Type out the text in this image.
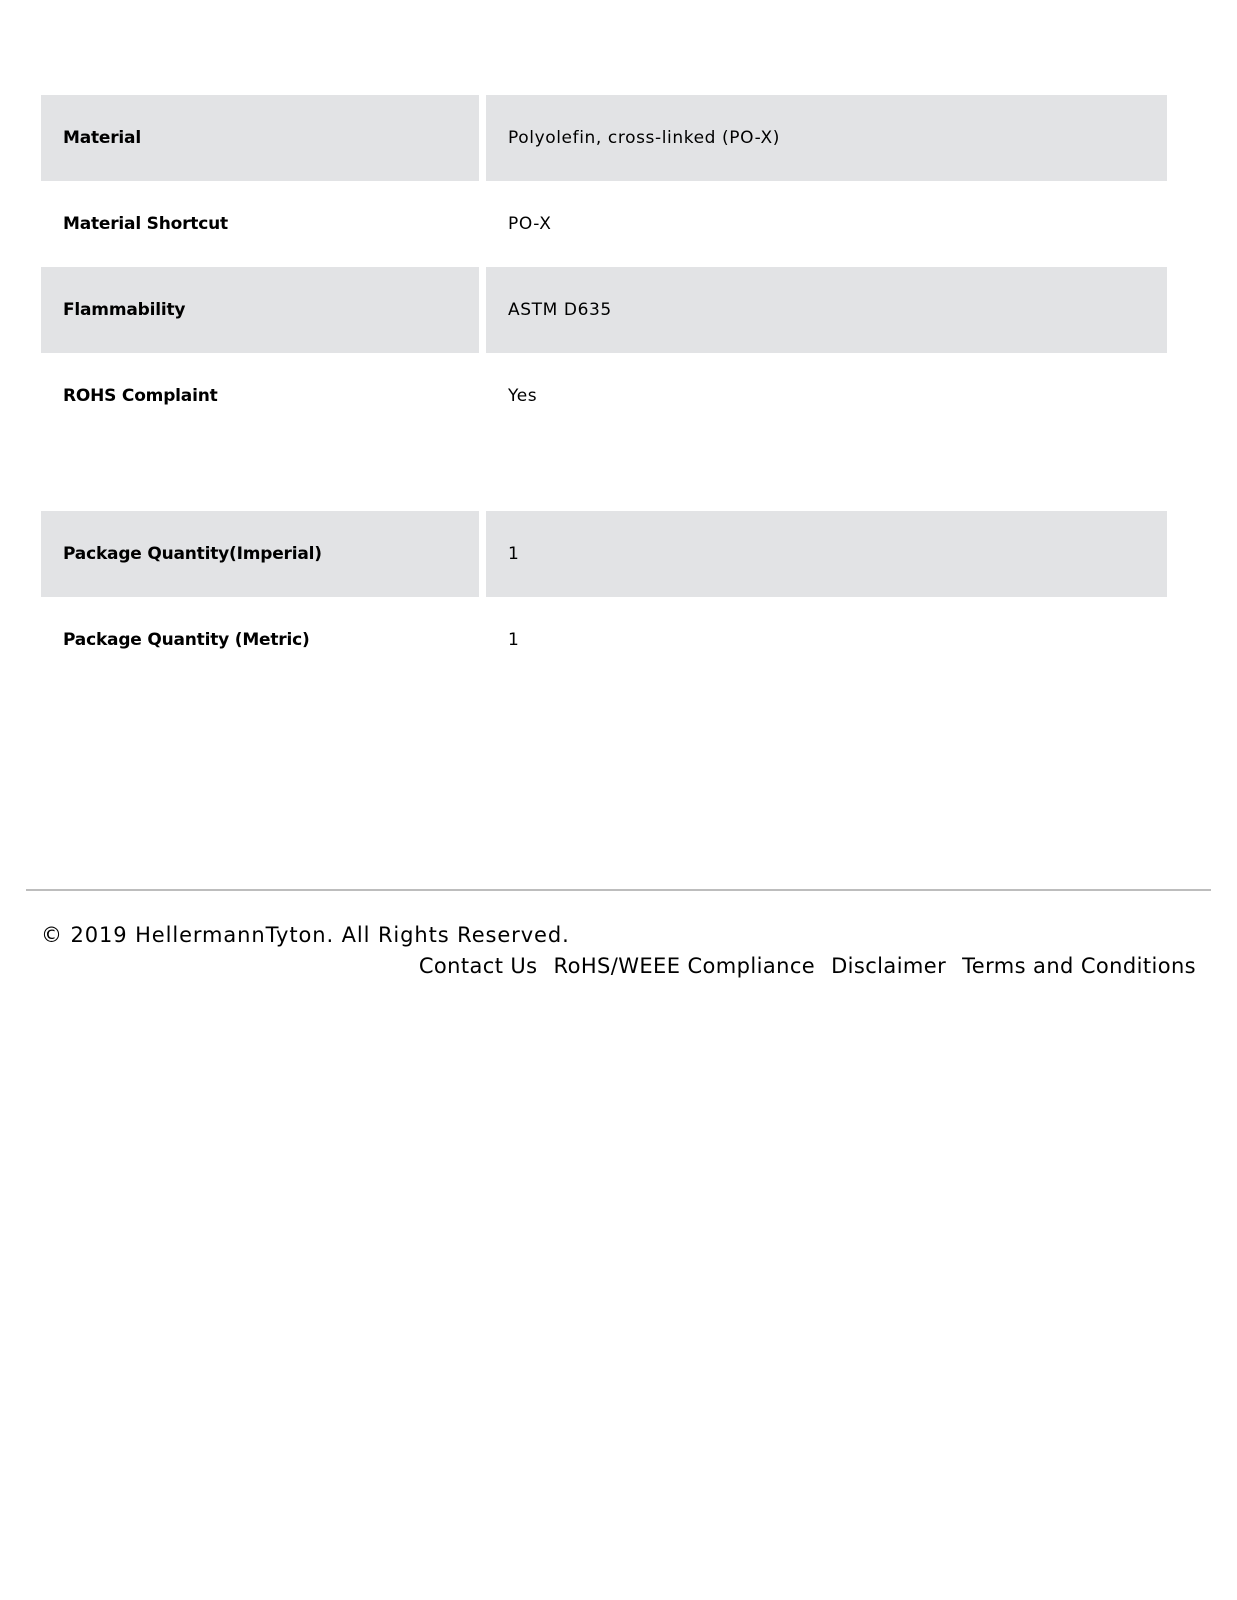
Material	Polyolefin, cross-linked (PO-X)
Material Shortcut	PO-X
Flammability	ASTM D635
ROHS Complaint	Yes
Package Quantity(Imperial)	1
Package Quantity (Metric)	1
© 2019 HellermannTyton. All Rights Reserved.
Contact Us RoHS/WEEE Compliance Disclaimer Terms and Conditions
